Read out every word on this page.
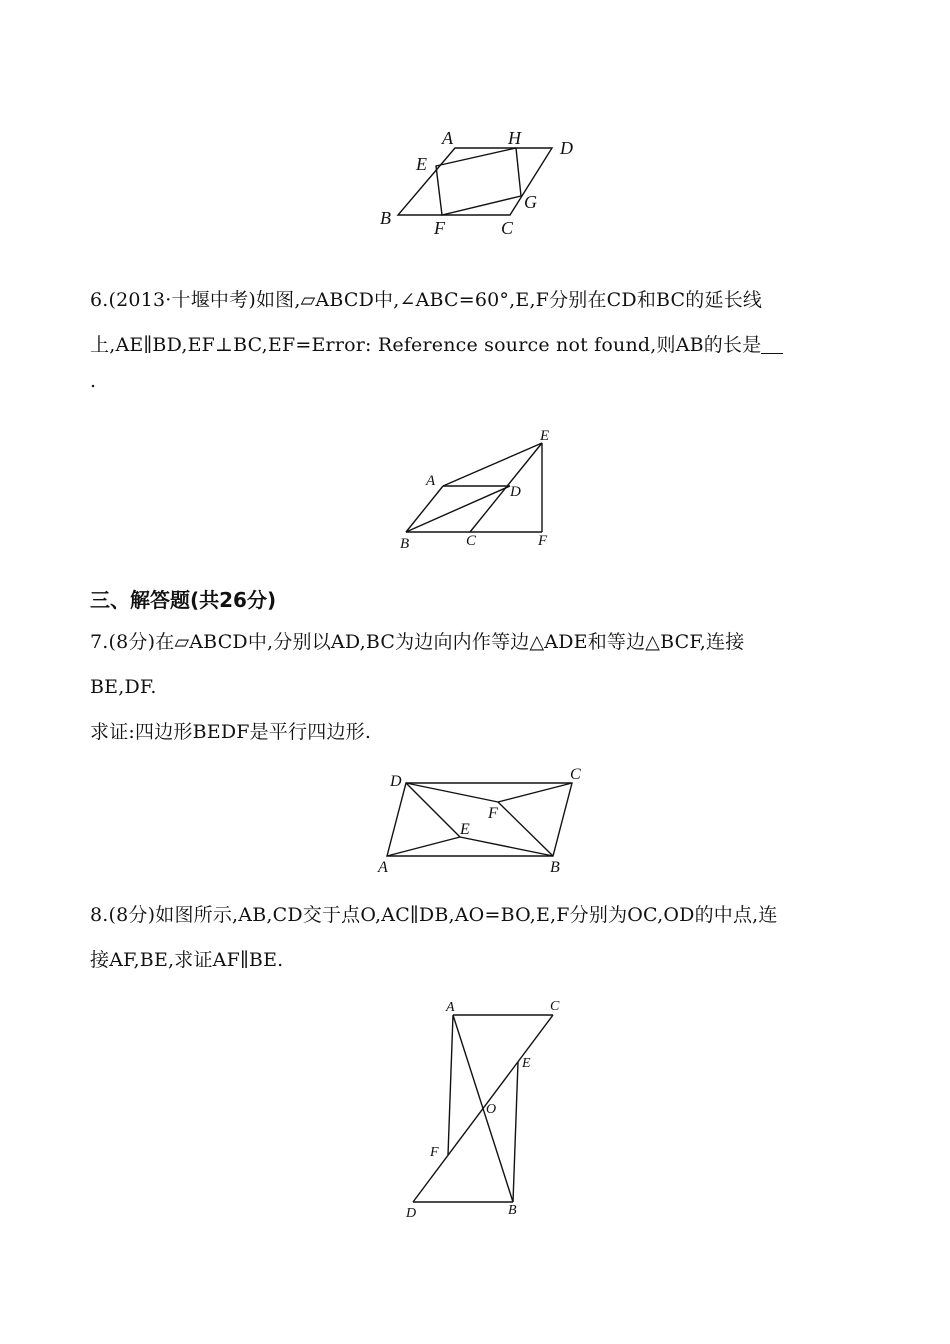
A	H D
E
G
B F	C
6.(2013·十堰中考)如图,▱ABCD中,∠ABC=60°,E,F分别在CD和BC的延长线
上,AE∥BD,EF⊥BC,EF=Error: Reference source not found,则AB的长是
.
E
A
D
B	C	F
三、解答题(共26分)
7.(8分)在▱ABCD中,分别以AD,BC为边向内作等边△ADE和等边△BCF,连接
BE,DF.
求证:四边形BEDF是平行四边形.
D	C
F
E
A	B
8.(8分)如图所示,AB,CD交于点O,AC∥DB,AO=BO,E,F分别为OC,OD的中点,连
接AF,BE,求证AF∥BE.
A	C
E
O
F
D	B
